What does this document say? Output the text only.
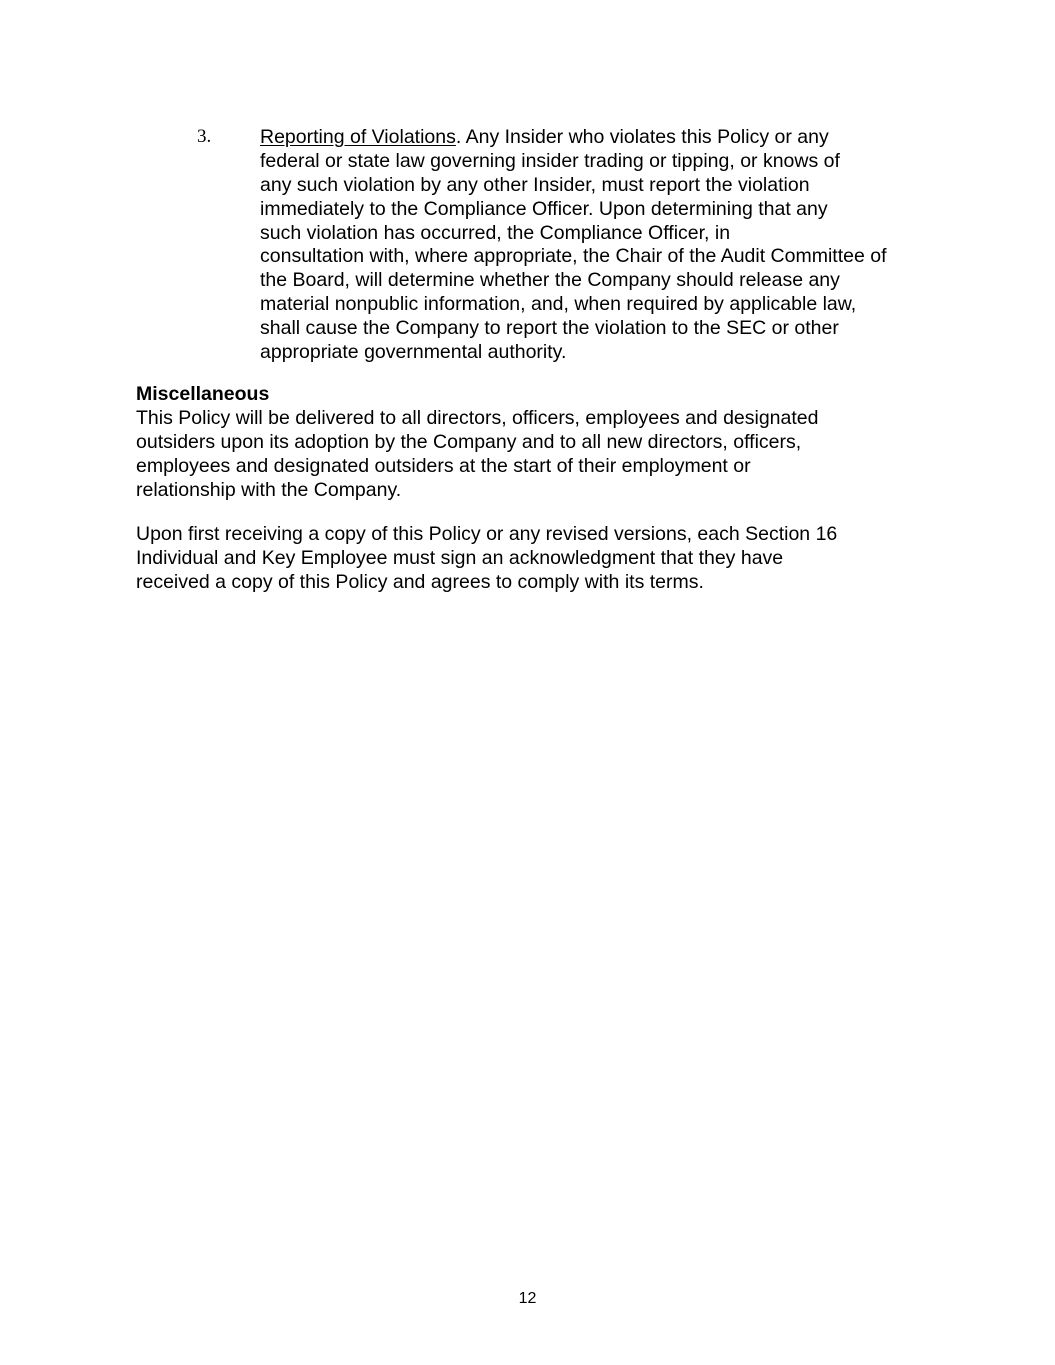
3.	Reporting of Violations. Any Insider who violates this Policy or any
federal or state law governing insider trading or tipping, or knows of
any such violation by any other Insider, must report the violation
immediately to the Compliance Officer. Upon determining that any
such violation has occurred, the Compliance Officer, in
consultation with, where appropriate, the Chair of the Audit Committee of
the Board, will determine whether the Company should release any
material nonpublic information, and, when required by applicable law,
shall cause the Company to report the violation to the SEC or other
appropriate governmental authority.
Miscellaneous
This Policy will be delivered to all directors, officers, employees and designated
outsiders upon its adoption by the Company and to all new directors, officers,
employees and designated outsiders at the start of their employment or
relationship with the Company.
Upon first receiving a copy of this Policy or any revised versions, each Section 16
Individual and Key Employee must sign an acknowledgment that they have
received a copy of this Policy and agrees to comply with its terms.
12
